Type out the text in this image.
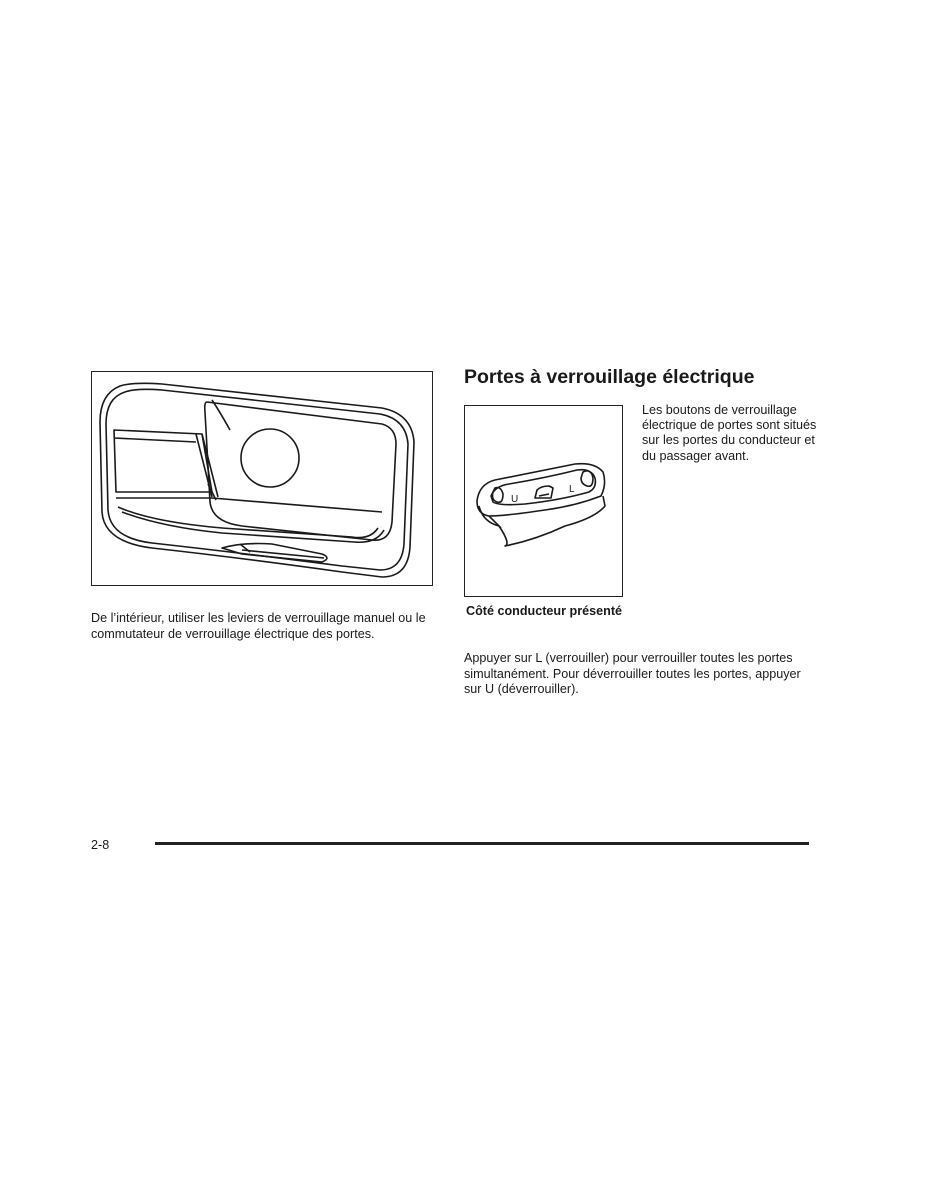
De l’intérieur, utiliser les leviers de verrouillage manuel ou le commutateur de verrouillage électrique des portes.
Portes à verrouillage électrique
U
L
Les boutons de verrouillage électrique de portes sont situés sur les portes du conducteur et du passager avant.
Côté conducteur présenté
Appuyer sur L (verrouiller) pour verrouiller toutes les portes simultanément. Pour déverrouiller toutes les portes, appuyer sur U (déverrouiller).
2-8
